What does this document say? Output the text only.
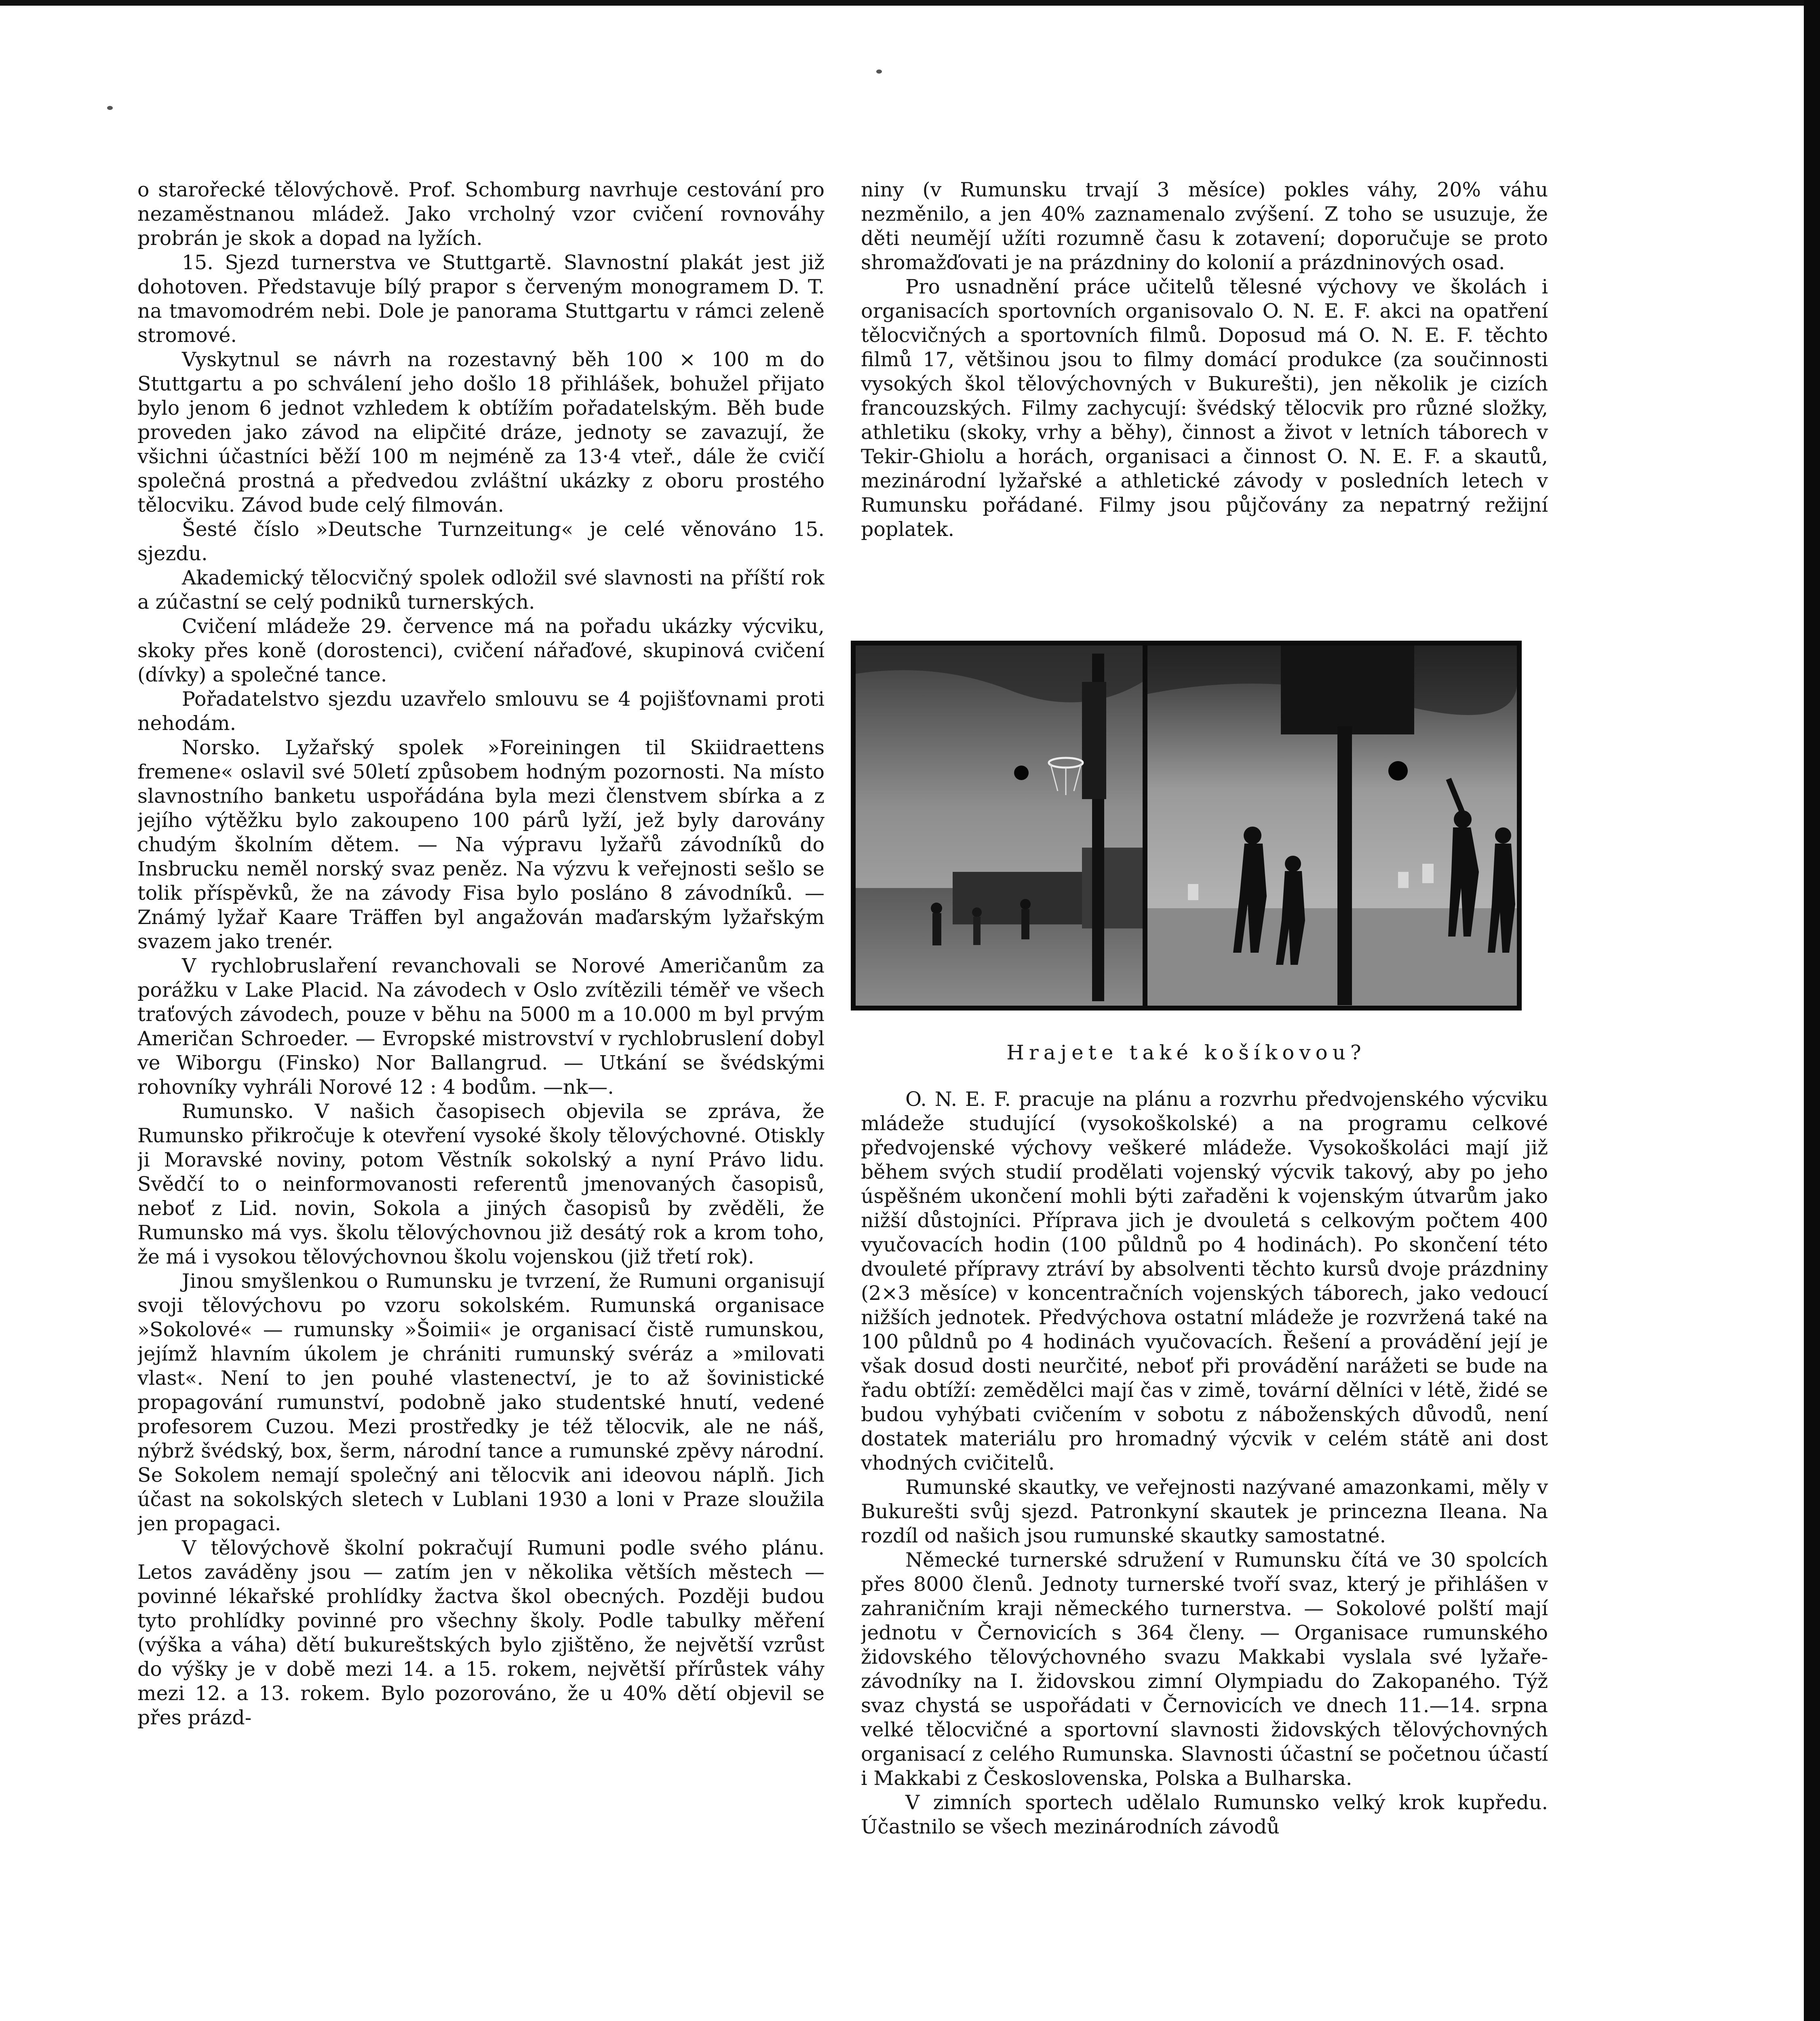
o starořecké tělovýchově. Prof. Schomburg navrhuje cestování pro nezaměstnanou mládež. Jako vrcholný vzor cvičení rovnováhy probrán je skok a dopad na lyžích.

15. Sjezd turnerstva ve Stuttgartě. Slavnostní plakát jest již dohotoven. Představuje bílý prapor s červeným monogramem D. T. na tmavomodrém nebi. Dole je panorama Stuttgartu v rámci zeleně stromové.

Vyskytnul se návrh na rozestavný běh 100 × 100 m do Stuttgartu a po schválení jeho došlo 18 přihlášek, bohužel přijato bylo jenom 6 jednot vzhledem k obtížím pořadatelským. Běh bude proveden jako závod na elipčité dráze, jednoty se zavazují, že všichni účastníci běží 100 m nejméně za 13·4 vteř., dále že cvičí společná prostná a předvedou zvláštní ukázky z oboru prostého tělocviku. Závod bude celý filmován.

Šesté číslo »Deutsche Turnzeitung« je celé věnováno 15. sjezdu.

Akademický tělocvičný spolek odložil své slavnosti na příští rok a zúčastní se celý podniků turnerských.

Cvičení mládeže 29. července má na pořadu ukázky výcviku, skoky přes koně (dorostenci), cvičení nářaďové, skupinová cvičení (dívky) a společné tance.

Pořadatelstvo sjezdu uzavřelo smlouvu se 4 pojišťovnami proti nehodám.

Norsko. Lyžařský spolek »Foreiningen til Skiidraettens fremene« oslavil své 50letí způsobem hodným pozornosti. Na místo slavnostního banketu uspořádána byla mezi členstvem sbírka a z jejího výtěžku bylo zakoupeno 100 párů lyží, jež byly darovány chudým školním dětem. — Na výpravu lyžařů závodníků do Insbrucku neměl norský svaz peněz. Na výzvu k veřejnosti sešlo se tolik příspěvků, že na závody Fisa bylo posláno 8 závodníků. — Známý lyžař Kaare Träffen byl angažován maďarským lyžařským svazem jako trenér.

V rychlobruslaření revanchovali se Norové Američanům za porážku v Lake Placid. Na závodech v Oslo zvítězili téměř ve všech traťových závodech, pouze v běhu na 5000 m a 10.000 m byl prvým Američan Schroeder. — Evropské mistrovství v rychlobruslení dobyl ve Wiborgu (Finsko) Nor Ballangrud. — Utkání se švédskými rohovníky vyhráli Norové 12 : 4 bodům. —nk—.

Rumunsko. V našich časopisech objevila se zpráva, že Rumunsko přikročuje k otevření vysoké školy tělovýchovné. Otiskly ji Moravské noviny, potom Věstník sokolský a nyní Právo lidu. Svědčí to o neinformovanosti referentů jmenovaných časopisů, neboť z Lid. novin, Sokola a jiných časopisů by zvěděli, že Rumunsko má vys. školu tělovýchovnou již desátý rok a krom toho, že má i vysokou tělovýchovnou školu vojenskou (již třetí rok).

Jinou smyšlenkou o Rumunsku je tvrzení, že Rumuni organisují svoji tělovýchovu po vzoru sokolském. Rumunská organisace »Sokolové« — rumunsky »Šoimii« je organisací čistě rumunskou, jejímž hlavním úkolem je chrániti rumunský svéráz a »milovati vlast«. Není to jen pouhé vlastenectví, je to až šovinistické propagování rumunství, podobně jako studentské hnutí, vedené profesorem Cuzou. Mezi prostředky je též tělocvik, ale ne náš, nýbrž švédský, box, šerm, národní tance a rumunské zpěvy národní. Se Sokolem nemají společný ani tělocvik ani ideovou náplň. Jich účast na sokolských sletech v Lublani 1930 a loni v Praze sloužila jen propagaci.

V tělovýchově školní pokračují Rumuni podle svého plánu. Letos zaváděny jsou — zatím jen v několika větších městech — povinné lékařské prohlídky žactva škol obecných. Později budou tyto prohlídky povinné pro všechny školy. Podle tabulky měření (výška a váha) dětí bukureštských bylo zjištěno, že největší vzrůst do výšky je v době mezi 14. a 15. rokem, největší přírůstek váhy mezi 12. a 13. rokem. Bylo pozorováno, že u 40% dětí objevil se přes prázd-

niny (v Rumunsku trvají 3 měsíce) pokles váhy, 20% váhu nezměnilo, a jen 40% zaznamenalo zvýšení. Z toho se usuzuje, že děti neumějí užíti rozumně času k zotavení; doporučuje se proto shromažďovati je na prázdniny do kolonií a prázdninových osad.

Pro usnadnění práce učitelů tělesné výchovy ve školách i organisacích sportovních organisovalo O. N. E. F. akci na opatření tělocvičných a sportovních filmů. Doposud má O. N. E. F. těchto filmů 17, většinou jsou to filmy domácí produkce (za součinnosti vysokých škol tělovýchovných v Bukurešti), jen několik je cizích francouzských. Filmy zachycují: švédský tělocvik pro různé složky, athletiku (skoky, vrhy a běhy), činnost a život v letních táborech v Tekir-Ghiolu a horách, organisaci a činnost O. N. E. F. a skautů, mezinárodní lyžařské a athletické závody v posledních letech v Rumunsku pořádané. Filmy jsou půjčovány za nepatrný režijní poplatek.

Hrajete také košíkovou?

O. N. E. F. pracuje na plánu a rozvrhu předvojenského výcviku mládeže studující (vysokoškolské) a na programu celkové předvojenské výchovy veškeré mládeže. Vysokoškoláci mají již během svých studií prodělati vojenský výcvik takový, aby po jeho úspěšném ukončení mohli býti zařaděni k vojenským útvarům jako nižší důstojníci. Příprava jich je dvouletá s celkovým počtem 400 vyučovacích hodin (100 půldnů po 4 hodinách). Po skončení této dvouleté přípravy ztráví by absolventi těchto kursů dvoje prázdniny (2×3 měsíce) v koncentračních vojenských táborech, jako vedoucí nižších jednotek. Předvýchova ostatní mládeže je rozvržená také na 100 půldnů po 4 hodinách vyučovacích. Řešení a provádění její je však dosud dosti neurčité, neboť při provádění narážeti se bude na řadu obtíží: zemědělci mají čas v zimě, tovární dělníci v létě, židé se budou vyhýbati cvičením v sobotu z náboženských důvodů, není dostatek materiálu pro hromadný výcvik v celém státě ani dost vhodných cvičitelů.

Rumunské skautky, ve veřejnosti nazývané amazonkami, měly v Bukurešti svůj sjezd. Patronkyní skautek je princezna Ileana. Na rozdíl od našich jsou rumunské skautky samostatné.

Německé turnerské sdružení v Rumunsku čítá ve 30 spolcích přes 8000 členů. Jednoty turnerské tvoří svaz, který je přihlášen v zahraničním kraji německého turnerstva. — Sokolové polští mají jednotu v Černovicích s 364 členy. — Organisace rumunského židovského tělovýchovného svazu Makkabi vyslala své lyžaře-závodníky na I. židovskou zimní Olympiadu do Zakopaného. Týž svaz chystá se uspořádati v Černovicích ve dnech 11.—14. srpna velké tělocvičné a sportovní slavnosti židovských tělovýchovných organisací z celého Rumunska. Slavnosti účastní se početnou účastí i Makkabi z Československa, Polska a Bulharska.

V zimních sportech udělalo Rumunsko velký krok kupředu. Účastnilo se všech mezinárodních závodů
